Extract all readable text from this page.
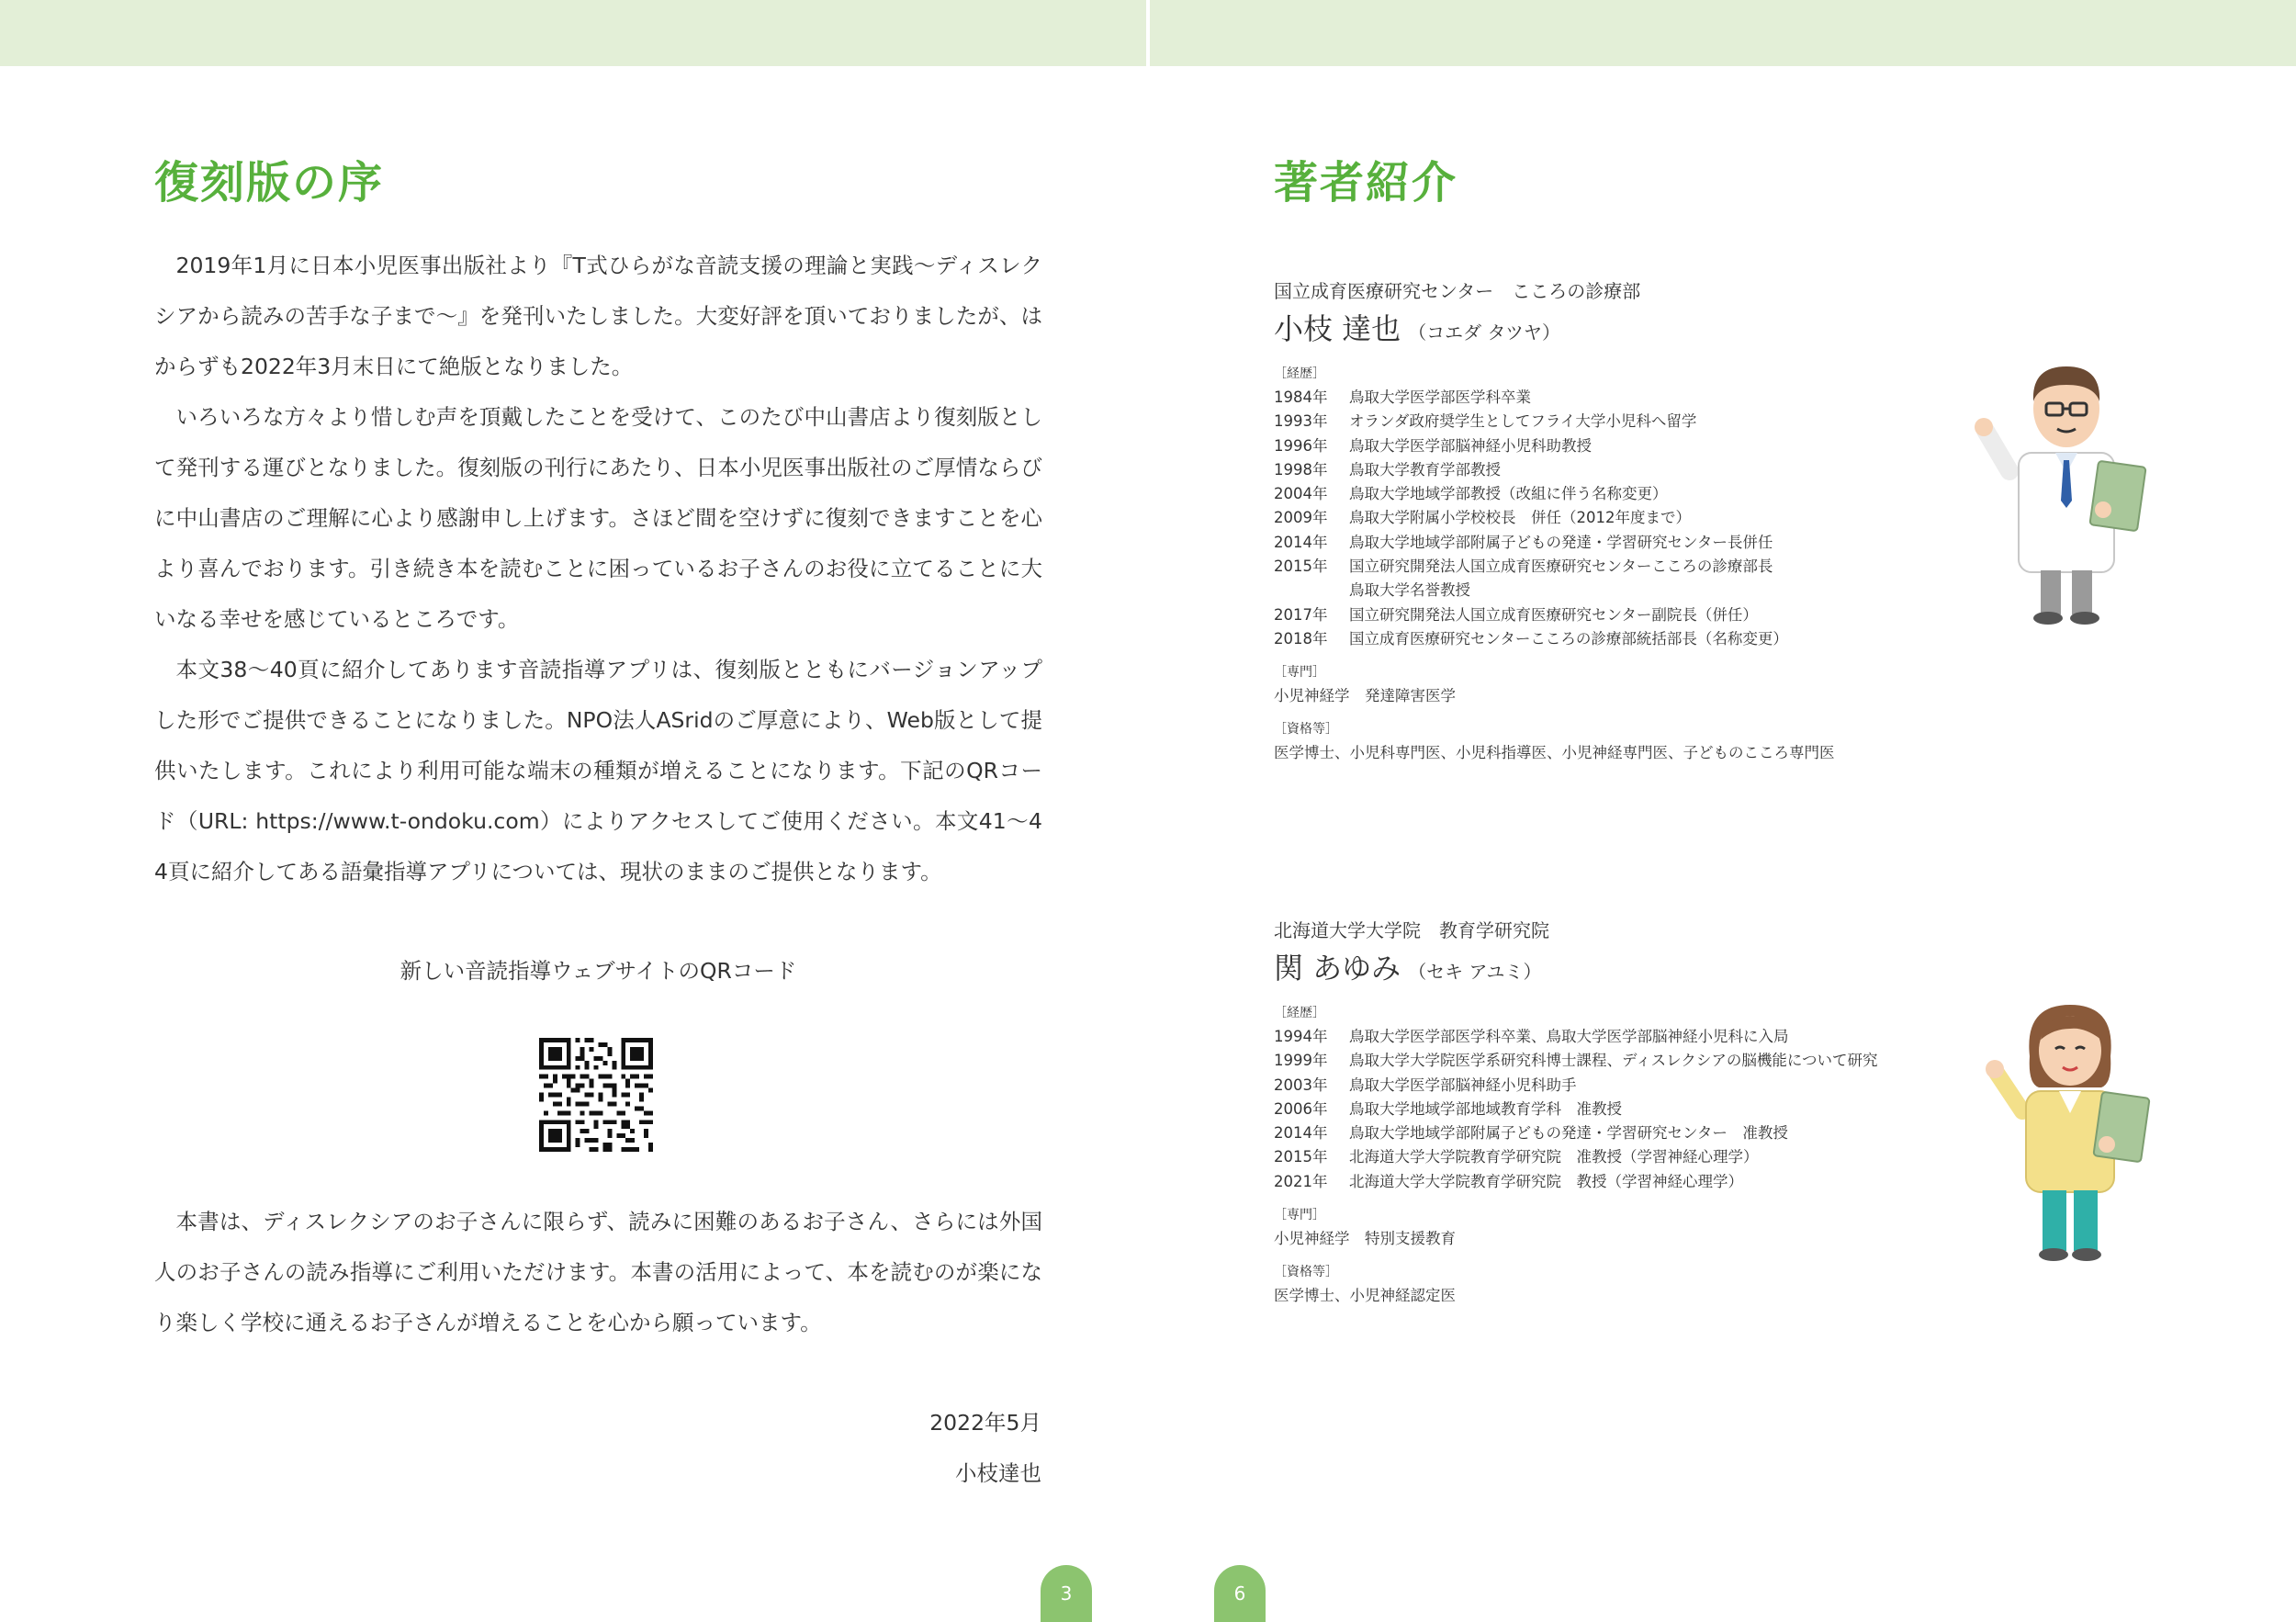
復刻版の序

2019年1月に日本小児医事出版社より『T式ひらがな音読支援の理論と実践〜ディスレクシアから読みの苦手な子まで〜』を発刊いたしました。大変好評を頂いておりましたが、はからずも2022年3月末日にて絶版となりました。

いろいろな方々より惜しむ声を頂戴したことを受けて、このたび中山書店より復刻版として発刊する運びとなりました。復刻版の刊行にあたり、日本小児医事出版社のご厚情ならびに中山書店のご理解に心より感謝申し上げます。さほど間を空けずに復刻できますことを心より喜んでおります。引き続き本を読むことに困っているお子さんのお役に立てることに大いなる幸せを感じているところです。

本文38〜40頁に紹介してあります音読指導アプリは、復刻版とともにバージョンアップした形でご提供できることになりました。NPO法人ASridのご厚意により、Web版として提供いたします。これにより利用可能な端末の種類が増えることになります。下記のQRコード（URL: https://www.t-ondoku.com）によりアクセスしてご使用ください。本文41〜44頁に紹介してある語彙指導アプリについては、現状のままのご提供となります。

新しい音読指導ウェブサイトのQRコード

本書は、ディスレクシアのお子さんに限らず、読みに困難のあるお子さん、さらには外国人のお子さんの読み指導にご利用いただけます。本書の活用によって、本を読むのが楽になり楽しく学校に通えるお子さんが増えることを心から願っています。

2022年5月

小枝達也

3
著者紹介

国立成育医療研究センター　こころの診療部

小枝 達也 （コエダ タツヤ）

［経歴］

1984年	鳥取大学医学部医学科卒業
1993年	オランダ政府奨学生としてフライ大学小児科へ留学
1996年	鳥取大学医学部脳神経小児科助教授
1998年	鳥取大学教育学部教授
2004年	鳥取大学地域学部教授（改組に伴う名称変更）
2009年	鳥取大学附属小学校校長　併任（2012年度まで）
2014年	鳥取大学地域学部附属子どもの発達・学習研究センター長併任
2015年	国立研究開発法人国立成育医療研究センターこころの診療部長
鳥取大学名誉教授
2017年	国立研究開発法人国立成育医療研究センター副院長（併任）
2018年	国立成育医療研究センターこころの診療部統括部長（名称変更）

［専門］

小児神経学　発達障害医学

［資格等］

医学博士、小児科専門医、小児科指導医、小児神経専門医、子どものこころ専門医

北海道大学大学院　教育学研究院

関 あゆみ （セキ アユミ）

［経歴］

1994年	鳥取大学医学部医学科卒業、鳥取大学医学部脳神経小児科に入局
1999年	鳥取大学大学院医学系研究科博士課程、ディスレクシアの脳機能について研究
2003年	鳥取大学医学部脳神経小児科助手
2006年	鳥取大学地域学部地域教育学科　准教授
2014年	鳥取大学地域学部附属子どもの発達・学習研究センター　准教授
2015年	北海道大学大学院教育学研究院　准教授（学習神経心理学）
2021年	北海道大学大学院教育学研究院　教授（学習神経心理学）

［専門］

小児神経学　特別支援教育

［資格等］

医学博士、小児神経認定医

6
